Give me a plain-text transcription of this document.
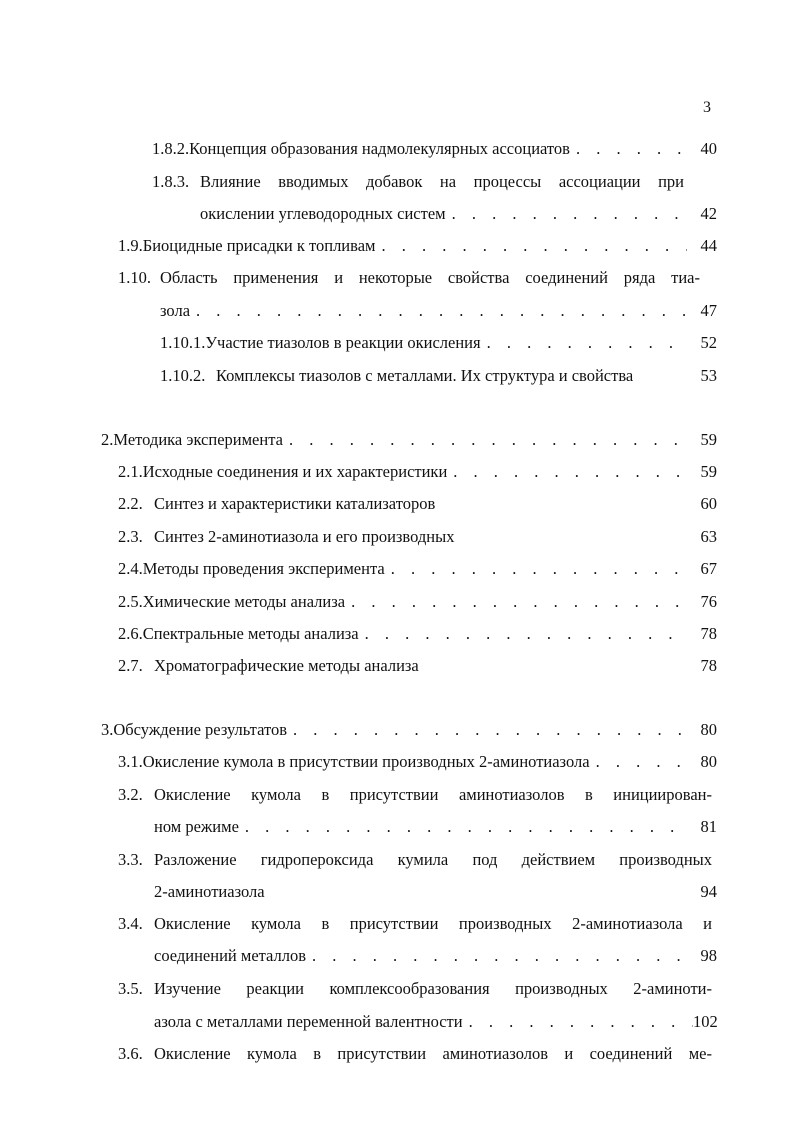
3
1.8.2. Концепция образования надмолекулярных ассоциатов . . .	40
1.8.3. Влияние вводимых добавок на процессы ассоциации при
окислении углеводородных систем . . .	42
1.9. Биоцидные присадки к топливам . . .	44
1.10. Область применения и некоторые свойства соединений ряда тиа-
зола . . .	47
1.10.1. Участие тиазолов в реакции окисления . . .	52
1.10.2. Комплексы тиазолов с металлами. Их структура и свойства	53
2. Методика эксперимента . . .	59
2.1. Исходные соединения и их характеристики . . .	59
2.2. Синтез и характеристики катализаторов	60
2.3. Синтез 2-аминотиазола и его производных	63
2.4. Методы проведения эксперимента . . .	67
2.5. Химические методы анализа . . .	76
2.6. Спектральные методы анализа . . .	78
2.7. Хроматографические методы анализа	78
3. Обсуждение результатов . . .	80
3.1. Окисление кумола в присутствии производных 2-аминотиазола . . .	80
3.2. Окисление кумола в присутствии аминотиазолов в инициирован-
ном режиме . . .	81
3.3. Разложение гидропероксида кумила под действием производных
2-аминотиазола	94
3.4. Окисление кумола в присутствии производных 2-аминотиазола и
соединений металлов . . .	98
3.5. Изучение реакции комплексообразования производных 2-аминоти-
азола с металлами переменной валентности . . .	102
3.6. Окисление кумола в присутствии аминотиазолов и соединений ме-
